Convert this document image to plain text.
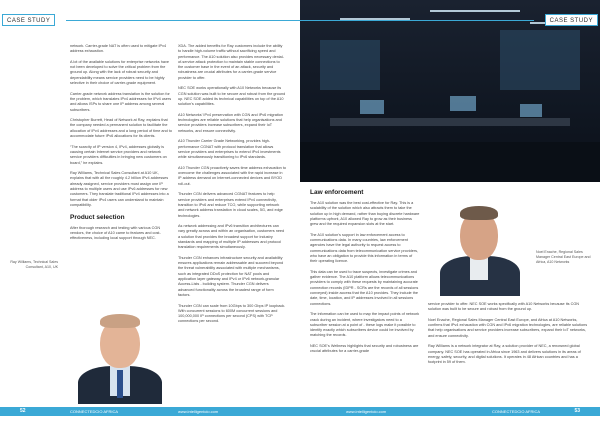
CASE STUDY

network. Carrier-grade NAT is often used to mitigate IPv4 address exhaustion.

A lot of the available solutions for enterprise networks have not been developed to solve the critical problem from the ground up. Along with the lack of robust security and dependability means service providers need to be highly selective in their choice of carrier-grade equipment.

Carrier-grade network address translation is the solution for the problem, which translates IPv4 addresses for IPv4 users and allows ISPs to share one IP address among several subscribers.

Christopher Burrett, Head of Network at Ray, explains that the company needed a permanent solution to facilitate the allocation of IPv4 addresses and a long period of time and to accommodate future IPv6 allocations for its clients.

“The scarcity of IP version 4, IPv4, addresses globally is causing certain Internet service providers and network service providers difficulties in bringing new customers on board,” he explains.

Ray Williams, Technical Sales Consultant at A10 UK, explains that with all the roughly 4.2 billion IPv4 addresses already assigned, service providers must assign one IP address to multiple users and use IPv6 addresses for new customers. They translate traditional IPv4 addresses into a format that older IPv4 users can understand to maintain compatibility.

Product selection

After thorough research and testing with various CGN vendors, the choice of A10 came to features and cost-effectiveness, including local support through NEC.

Ray Williams, Technical Sales Consultant, A10, UK

XDA. The added benefits for Ray customers include the ability to handle high-volume traffic without sacrificing speed and performance. The A10 solution also provides necessary denial-of-service attack protection to maintain stable connections to the customer base in the event of an attack, security and robustness are crucial attributes for a carrier-grade service provider to offer.

NEC SOE works operationally with A10 Networks because its CGN solution was built to be secure and robust from the ground up. NEC SOE added its technical capabilities on top of the A10 solution’s capabilities.

A10 Networks’ IPv4 preservation with CGN and IPv6 migration technologies are reliable solutions that help organisations and service providers increase subscribers, expand their IoT networks, and ensure connectivity.

A10 Thunder Carrier Grade Networking, provides high-performance CGNAT with protocol translation that allows service providers and enterprises to extend IPv4 investments while simultaneously transitioning to IPv6 standards.

A10 Thunder CGN proactively saves time address exhaustion to overcome the challenges associated with the rapid increase in IP address demand on Internet-connected devices and BYOD roll-out.

Thunder CGN delivers advanced CGNAT features to help service providers and enterprises extend IPv4 connectivity, transition to IPv6 and reduce TCO, while supporting network and network address translation in cloud scales, 5G, and edge technologies.

As network addressing and IPv6 transition architectures can vary greatly across and within an organisation, customers need a solution that provides the broadest support for industry standards and mapping of multiple IP addresses and protocol translation requirements simultaneously.

Thunder CGN enhances infrastructure security and availability ensures applications remain addressable and succeed beyond the threat vulnerability associated with multiple mechanisms, such as integrated DDoS protection for NAT pools and application layer gateway and IPv4 or IPv6 network-granular Access-Lists - building system. Thunder CGN delivers advanced functionality across the broadest range of form factors.

Thunder CGN can scale from 10Gbps to 300 Gbps IP loopback. With concurrent sessions to 600M concurrent sessions and 100,000,000 IP connections per second (CPS) with TCP connections per second.

52	CONNECTEDCIO AFRICA	www.intelligentcio.com
CASE STUDY
Law enforcement

The A10 solution was the best cost-effective for Ray. This is a scalability of the solution which also attracts them to take the solution up in high demand, rather than buying discrete hardware platforms upfront, A10 allowed Ray to grow as their business grew and the required expansion slots at the start.

The A10 solution’s support in law enforcement access to communications data. In many countries, law enforcement agencies have the legal authority to request access to communications data from telecommunication service providers, who have an obligation to provide this information in terms of their operating licence.

This data can be used to trace suspects, investigate crimes and gather evidence. The A10 platform allows telecommunications providers to comply with these requests by maintaining accurate connection records (IDPR - SCRs are the records of all sessions conveyed) inside access that the A10 provides. They include the date, time, location, and IP addresses involved in all sessions connections.

The information can be used to map the impact points of network crack during an incident, where investigators need to a subscriber session at a point of - these logs make it possible to identify exactly which subscribers device could be involved by matching the records.

NEC SOE’s Wellness highlights that security and robustness are crucial attributes for a carrier-grade

Noel Enache, Regional Sales Manager Central East Europe and Africa, A10 Networks

service provider to offer. NEC SOE works specifically with A10 Networks because its CGN solution was built to be secure and robust from the ground up.

Noel Enache, Regional Sales Manager Central East Europe, and Africa at A10 Networks, confirms that IPv4 exhaustion with CGN and IPv6 migration technologies, are reliable solutions that help organisations and service providers increase subscribers, expand their IoT networks, and ensure connectivity.

Ray Williams is a network integrator at Ray, a solution provider of NEC, a renowned global company. NEC SOE has operated in Africa since 1963 and delivers solutions in its areas of energy, safety, security, and digital solutions. It operates in 48 African countries and has a footprint in 59 of them.

www.intelligentcio.com	CONNECTEDCIO AFRICA	53
